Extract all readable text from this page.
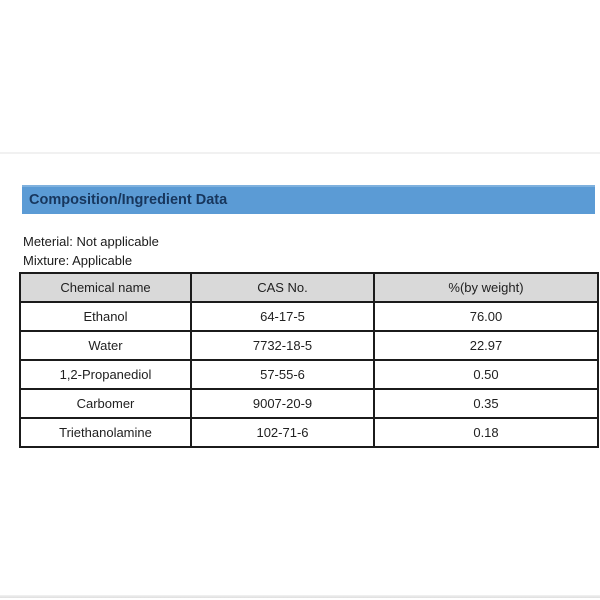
Composition/Ingredient Data
Meterial: Not applicable
Mixture: Applicable
Chemical name	CAS No.	%(by weight)
Ethanol	64-17-5	76.00
Water	7732-18-5	22.97
1,2-Propanediol	57-55-6	0.50
Carbomer	9007-20-9	0.35
Triethanolamine	102-71-6	0.18
